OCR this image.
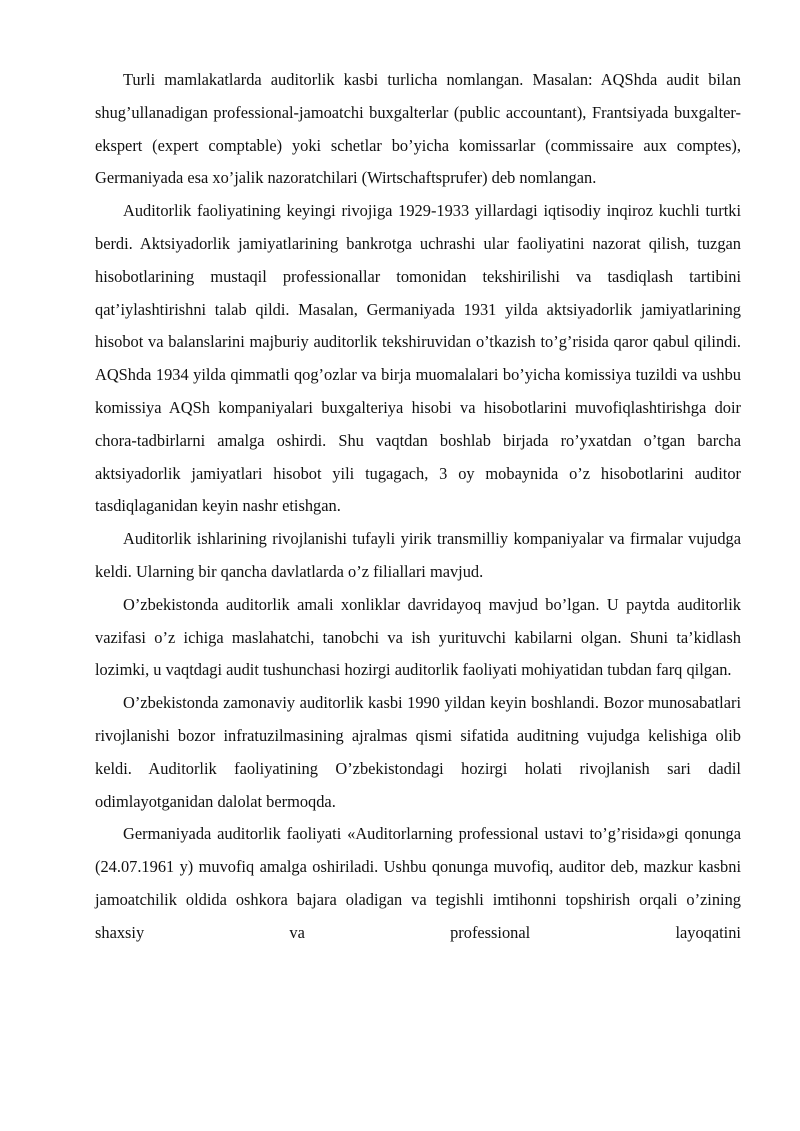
Turli mamlakatlarda auditorlik kasbi turlicha nomlangan. Masalan: AQShda audit bilan shug’ullanadigan professional-jamoatchi buxgalterlar (public accountant), Frantsiyada buxgalter-ekspert (expert comptable) yoki schetlar bo’yicha komissarlar (commissaire aux comptes), Germaniyada esa xo’jalik nazoratchilari (Wirtschaftsprufer) deb nomlangan.

Auditorlik faoliyatining keyingi rivojiga 1929-1933 yillardagi iqtisodiy inqiroz kuchli turtki berdi. Aktsiyadorlik jamiyatlarining bankrotga uchrashi ular faoliyatini nazorat qilish, tuzgan hisobotlarining mustaqil professionallar tomonidan tekshirilishi va tasdiqlash tartibini qat’iylashtirishni talab qildi. Masalan, Germaniyada 1931 yilda aktsiyadorlik jamiyatlarining hisobot va balanslarini majburiy auditorlik tekshiruvidan o’tkazish to’g’risida qaror qabul qilindi. AQShda 1934 yilda qimmatli qog’ozlar va birja muomalalari bo’yicha komissiya tuzildi va ushbu komissiya AQSh kompaniyalari buxgalteriya hisobi va hisobotlarini muvofiqlashtirishga doir chora-tadbirlarni amalga oshirdi. Shu vaqtdan boshlab birjada ro’yxatdan o’tgan barcha aktsiyadorlik jamiyatlari hisobot yili tugagach, 3 oy mobaynida o’z hisobotlarini auditor tasdiqlaganidan keyin nashr etishgan.

Auditorlik ishlarining rivojlanishi tufayli yirik transmilliy kompaniyalar va firmalar vujudga keldi. Ularning bir qancha davlatlarda o’z filiallari mavjud.

O’zbekistonda auditorlik amali xonliklar davridayoq mavjud bo’lgan. U paytda auditorlik vazifasi o’z ichiga maslahatchi, tanobchi va ish yurituvchi kabilarni olgan. Shuni ta’kidlash lozimki, u vaqtdagi audit tushunchasi hozirgi auditorlik faoliyati mohiyatidan tubdan farq qilgan.

O’zbekistonda zamonaviy auditorlik kasbi 1990 yildan keyin boshlandi. Bozor munosabatlari rivojlanishi bozor infratuzilmasining ajralmas qismi sifatida auditning vujudga kelishiga olib keldi. Auditorlik faoliyatining O’zbekistondagi hozirgi holati rivojlanish sari dadil odimlayotganidan dalolat bermoqda.

Germaniyada auditorlik faoliyati «Auditorlarning professional ustavi to’g’risida»gi qonunga (24.07.1961 y) muvofiq amalga oshiriladi. Ushbu qonunga muvofiq, auditor deb, mazkur kasbni jamoatchilik oldida oshkora bajara oladigan va tegishli imtihonni topshirish orqali o’zining shaxsiy va professional layoqatini
